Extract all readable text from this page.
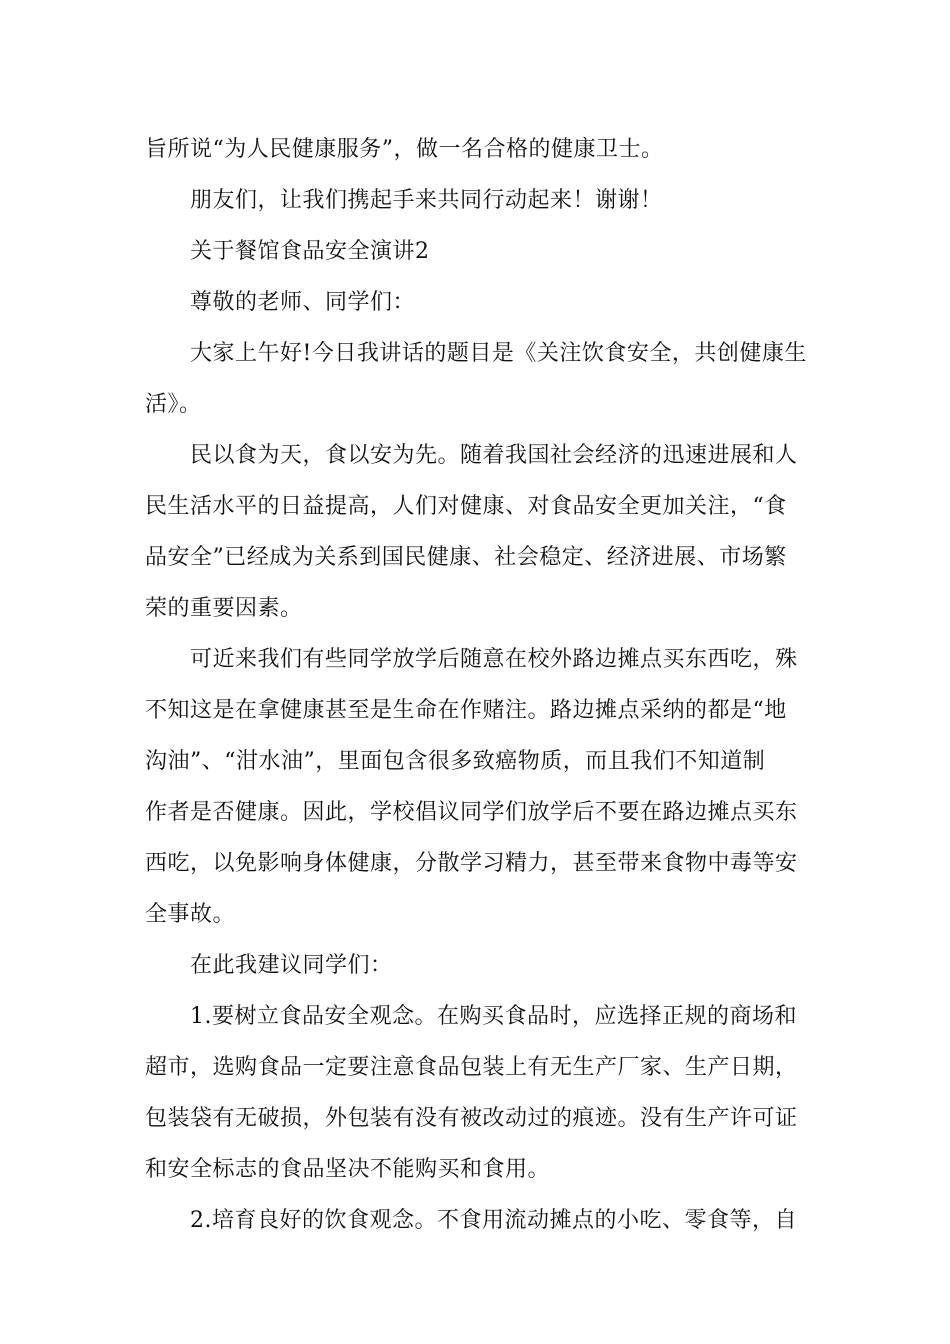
旨所说“为人民健康服务”，做一名合格的健康卫士。
朋友们，让我们携起手来共同行动起来！谢谢！
关于餐馆食品安全演讲2
尊敬的老师、同学们：
大家上午好!今日我讲话的题目是《关注饮食安全，共创健康生
活》。
民以食为天，食以安为先。随着我国社会经济的迅速进展和人
民生活水平的日益提高，人们对健康、对食品安全更加关注，“食
品安全”已经成为关系到国民健康、社会稳定、经济进展、市场繁
荣的重要因素。
可近来我们有些同学放学后随意在校外路边摊点买东西吃，殊
不知这是在拿健康甚至是生命在作赌注。路边摊点采纳的都是“地
沟油”、“泔水油”，里面包含很多致癌物质，而且我们不知道制
作者是否健康。因此，学校倡议同学们放学后不要在路边摊点买东
西吃，以免影响身体健康，分散学习精力，甚至带来食物中毒等安
全事故。
在此我建议同学们：
1.要树立食品安全观念。在购买食品时，应选择正规的商场和
超市，选购食品一定要注意食品包装上有无生产厂家、生产日期，
包装袋有无破损，外包装有没有被改动过的痕迹。没有生产许可证
和安全标志的食品坚决不能购买和食用。
2.培育良好的饮食观念。不食用流动摊点的小吃、零食等，自
